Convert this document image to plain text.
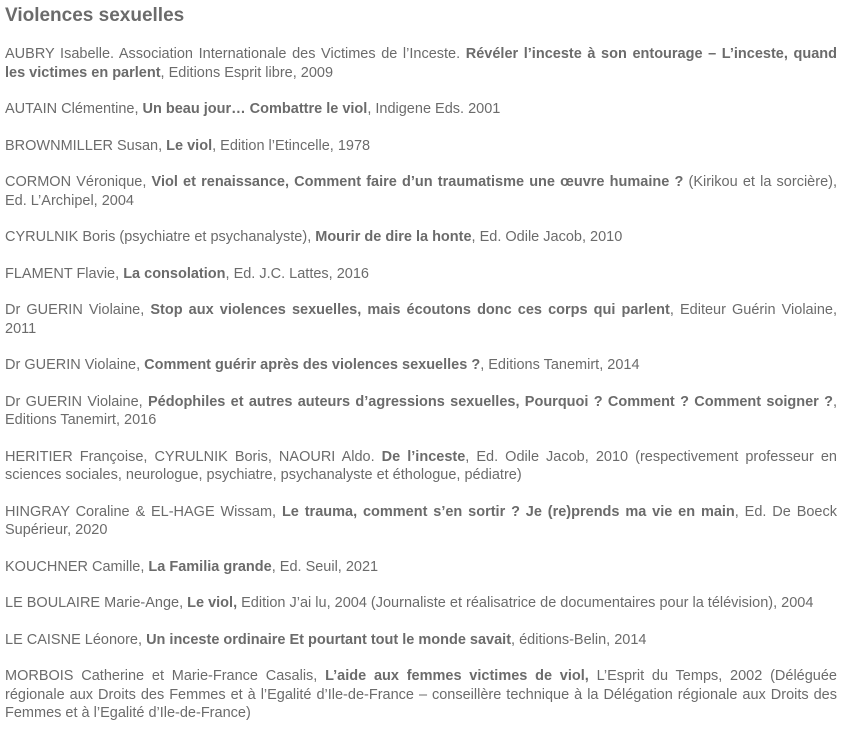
Violences sexuelles
AUBRY Isabelle. Association Internationale des Victimes de l’Inceste. Révéler l’inceste à son entourage – L’inceste, quand les victimes en parlent, Editions Esprit libre, 2009
AUTAIN Clémentine, Un beau jour… Combattre le viol, Indigene Eds. 2001
BROWNMILLER Susan, Le viol, Edition l’Etincelle, 1978
CORMON Véronique, Viol et renaissance, Comment faire d’un traumatisme une œuvre humaine ? (Kirikou et la sorcière), Ed. L’Archipel, 2004
CYRULNIK Boris (psychiatre et psychanalyste), Mourir de dire la honte, Ed. Odile Jacob, 2010
FLAMENT Flavie, La consolation, Ed. J.C. Lattes, 2016
Dr GUERIN Violaine, Stop aux violences sexuelles, mais écoutons donc ces corps qui parlent, Editeur Guérin Violaine, 2011
Dr GUERIN Violaine, Comment guérir après des violences sexuelles ?, Editions Tanemirt, 2014
Dr GUERIN Violaine, Pédophiles et autres auteurs d’agressions sexuelles, Pourquoi ? Comment ? Comment soigner ?, Editions Tanemirt, 2016
HERITIER Françoise, CYRULNIK Boris, NAOURI Aldo. De l’inceste, Ed. Odile Jacob, 2010 (respectivement professeur en sciences sociales, neurologue, psychiatre, psychanalyste et éthologue, pédiatre)
HINGRAY Coraline & EL-HAGE Wissam, Le trauma, comment s’en sortir ? Je (re)prends ma vie en main, Ed. De Boeck Supérieur, 2020
KOUCHNER Camille, La Familia grande, Ed. Seuil, 2021
LE BOULAIRE Marie-Ange, Le viol, Edition J’ai lu, 2004 (Journaliste et réalisatrice de documentaires pour la télévision), 2004
LE CAISNE Léonore, Un inceste ordinaire Et pourtant tout le monde savait, éditions-Belin, 2014
MORBOIS Catherine et Marie-France Casalis, L’aide aux femmes victimes de viol, L’Esprit du Temps, 2002 (Déléguée régionale aux Droits des Femmes et à l’Egalité d’Ile-de-France – conseillère technique à la Délégation régionale aux Droits des Femmes et à l’Egalité d’Ile-de-France)
